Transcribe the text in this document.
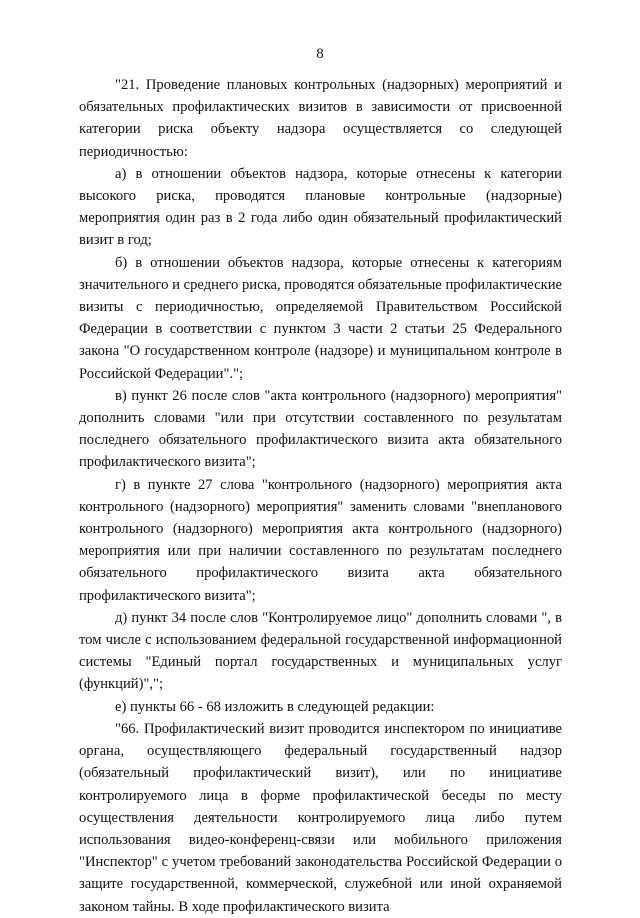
8

"21. Проведение плановых контрольных (надзорных) мероприятий и обязательных профилактических визитов в зависимости от присвоенной категории риска объекту надзора осуществляется со следующей периодичностью:

а) в отношении объектов надзора, которые отнесены к категории высокого риска, проводятся плановые контрольные (надзорные) мероприятия один раз в 2 года либо один обязательный профилактический визит в год;

б) в отношении объектов надзора, которые отнесены к категориям значительного и среднего риска, проводятся обязательные профилактические визиты с периодичностью, определяемой Правительством Российской Федерации в соответствии с пунктом 3 части 2 статьи 25 Федерального закона "О государственном контроле (надзоре) и муниципальном контроле в Российской Федерации".";

в) пункт 26 после слов "акта контрольного (надзорного) мероприятия" дополнить словами "или при отсутствии составленного по результатам последнего обязательного профилактического визита акта обязательного профилактического визита";

г) в пункте 27 слова "контрольного (надзорного) мероприятия акта контрольного (надзорного) мероприятия" заменить словами "внепланового контрольного (надзорного) мероприятия акта контрольного (надзорного) мероприятия или при наличии составленного по результатам последнего обязательного профилактического визита акта обязательного профилактического визита";

д) пункт 34 после слов "Контролируемое лицо" дополнить словами ", в том числе с использованием федеральной государственной информационной системы "Единый портал государственных и муниципальных услуг (функций)",";

е) пункты 66 - 68 изложить в следующей редакции:

"66. Профилактический визит проводится инспектором по инициативе органа, осуществляющего федеральный государственный надзор (обязательный профилактический визит), или по инициативе контролируемого лица в форме профилактической беседы по месту осуществления деятельности контролируемого лица либо путем использования видео-конференц-связи или мобильного приложения "Инспектор" с учетом требований законодательства Российской Федерации о защите государственной, коммерческой, служебной или иной охраняемой законом тайны. В ходе профилактического визита
